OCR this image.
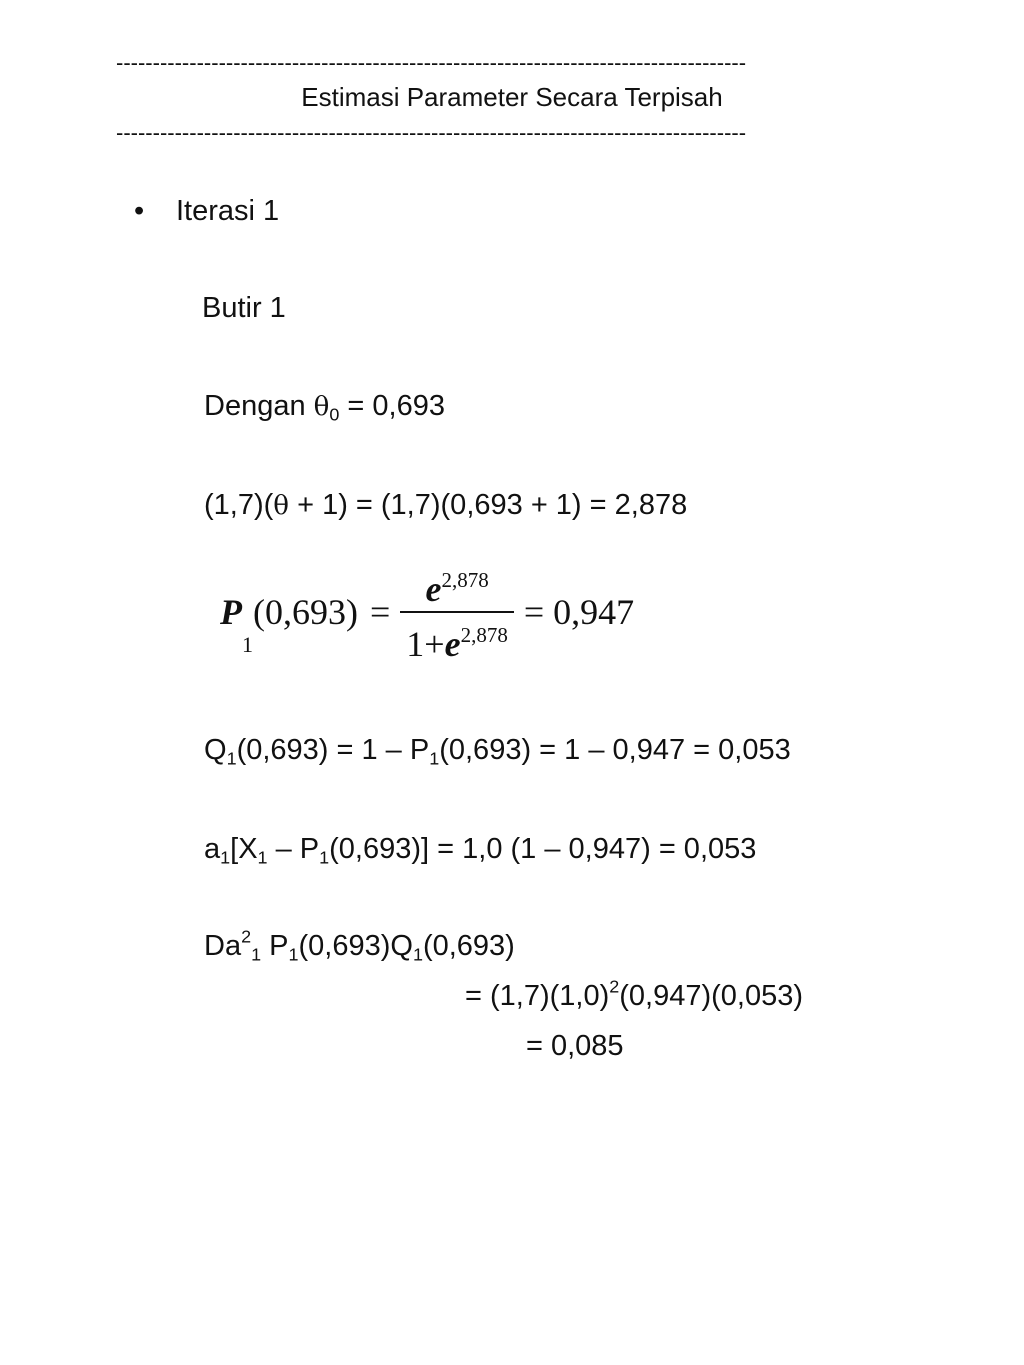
--------------------------------------------------------------------------------------
Estimasi Parameter Secara Terpisah
--------------------------------------------------------------------------------------
• Iterasi 1
Butir 1
Dengan $\theta_0 = 0,693$
(1,7)(θ + 1) = (1,7)(0,693 + 1) = 2,878
P
1
$(0,693) = \frac{e^{2,878}}{1+e^{2,878}} = 0,947$
$Q_1(0,693) = 1 - P_1(0,693) = 1 - 0,947 = 0,053$
$a_1[X_1 - P_1(0,693)] = 1,0$ (1 – 0,947) = 0,053
$Da^2_1$ $P_1(0,693)Q_1(0,693)$
= $(1,7)(1,0)^2(0,947)(0,053)$
= 0,085
